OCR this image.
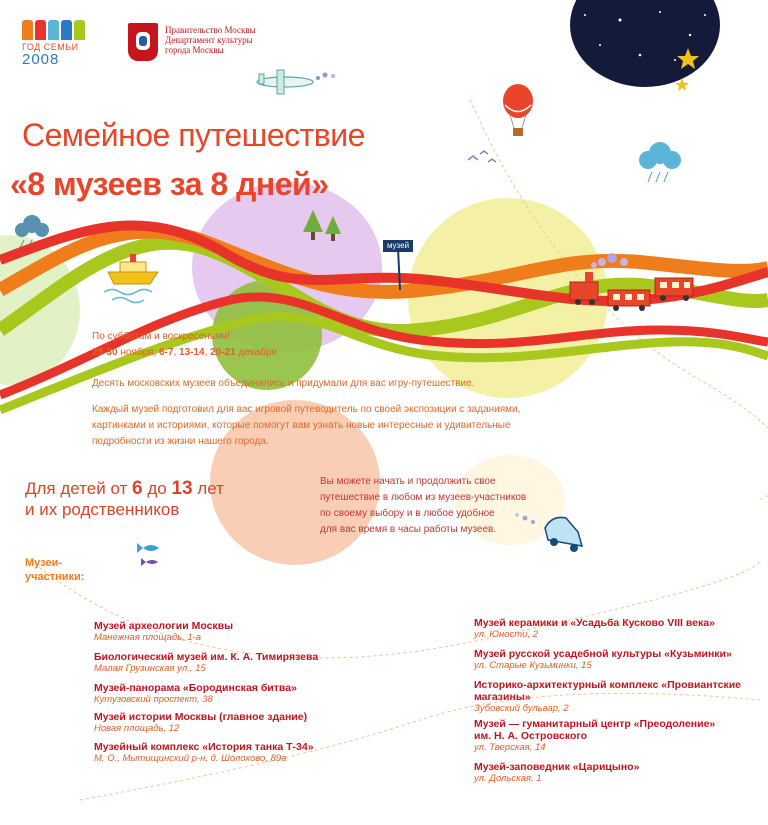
ГОД СЕМЬИ
2008
Правительство Москвы
Департамент культуры
города Москвы
музей
Семейное путешествие
«8 музеев за 8 дней»
По субботам и воскресеньям!
29-30 ноября, 6-7, 13-14, 20-21 декабря
Десять московских музеев объединились и придумали для вас игру-путешествие.
Каждый музей подготовил для вас игровой путеводитель по своей экспозиции с заданиями,
картинками и историями, которые помогут вам узнать новые интересные и удивительные
подробности из жизни нашего города.
Для детей от 6 до 13 лет
и их родственников
Вы можете начать и продолжить свое
путешествие в любом из музеев-участников
по своему выбору и в любое удобное
для вас время в часы работы музеев.
Музеи-
участники:
Музей археологии Москвы
Манежная площадь, 1-а
Биологический музей им. К. А. Тимирязева
Малая Грузинская ул., 15
Музей-панорама «Бородинская битва»
Кутузовский проспект, 38
Музей истории Москвы (главное здание)
Новая площадь, 12
Музейный комплекс «История танка Т-34»
М. О., Мытищинский р-н, д. Шолохово, 89а
Музей керамики и «Усадьба Кусково VIII века»
ул. Юности, 2
Музей русской усадебной культуры «Кузьминки»
ул. Старые Кузьминки, 15
Историко-архитектурный комплекс «Провиантские
магазины»
Зубовский бульвар, 2
Музей — гуманитарный центр «Преодоление»
им. Н. А. Островского
ул. Тверская, 14
Музей-заповедник «Царицыно»
ул. Дольская, 1
